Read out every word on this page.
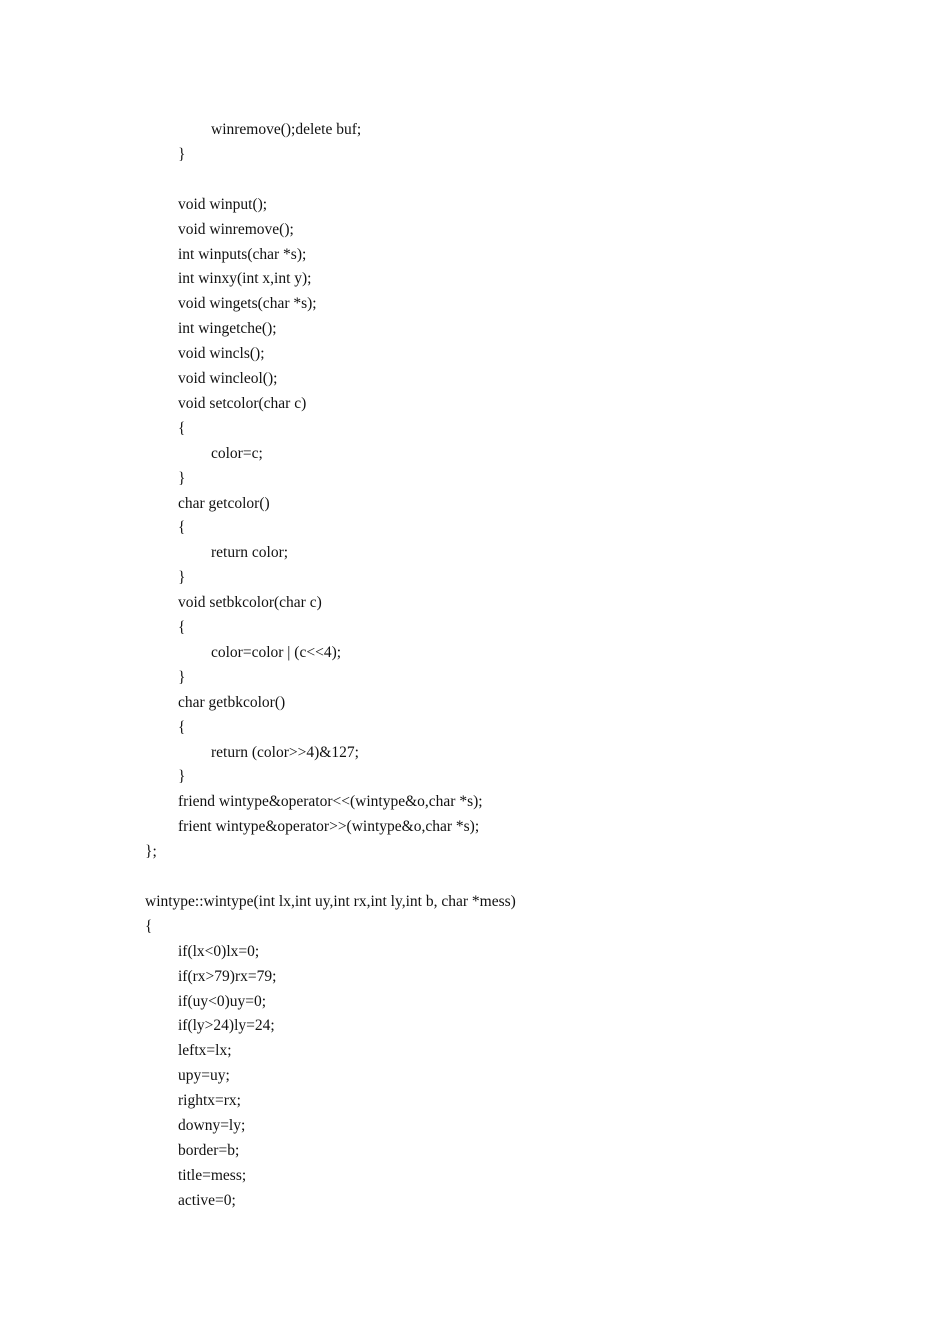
winremove();delete buf;
}
void winput();
void winremove();
int winputs(char *s);
int winxy(int x,int y);
void wingets(char *s);
int wingetche();
void wincls();
void wincleol();
void setcolor(char c)
{
color=c;
}
char getcolor()
{
return color;
}
void setbkcolor(char c)
{
color=color | (c<<4);
}
char getbkcolor()
{
return (color>>4)&127;
}
friend wintype&operator<<(wintype&o,char *s);
frient wintype&operator>>(wintype&o,char *s);
};
wintype::wintype(int lx,int uy,int rx,int ly,int b, char *mess)
{
if(lx<0)lx=0;
if(rx>79)rx=79;
if(uy<0)uy=0;
if(ly>24)ly=24;
leftx=lx;
upy=uy;
rightx=rx;
downy=ly;
border=b;
title=mess;
active=0;
